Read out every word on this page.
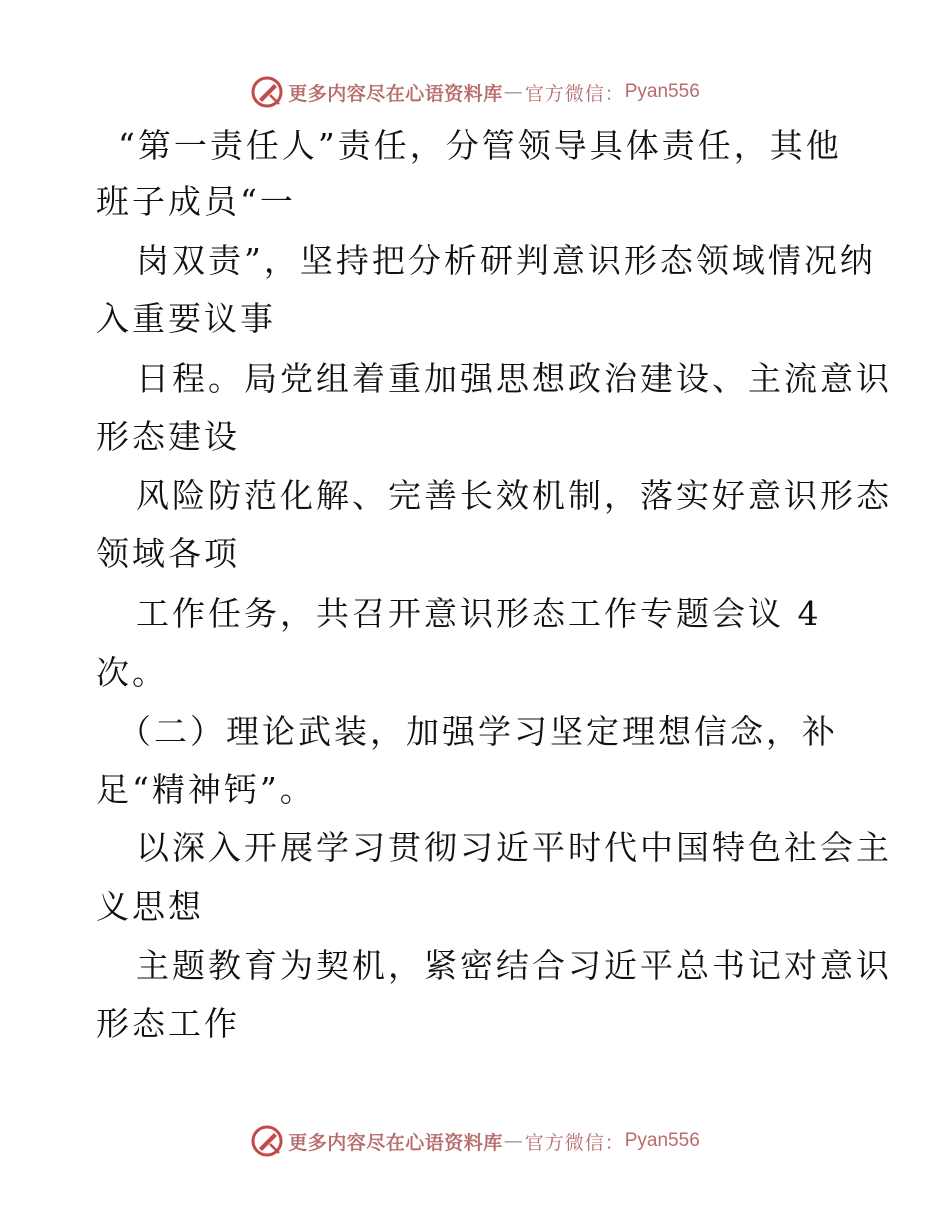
更多内容尽在心语资料库 — 官方微信： Pyan556
“第一责任人”责任，分管领导具体责任，其他
班子成员“一
岗双责”，坚持把分析研判意识形态领域情况纳
入重要议事
日程。局党组着重加强思想政治建设、主流意识
形态建设
风险防范化解、完善长效机制，落实好意识形态
领域各项
工作任务，共召开意识形态工作专题会议 4
次。
（二）理论武装，加强学习坚定理想信念，补
足“精神钙”。
以深入开展学习贯彻习近平时代中国特色社会主
义思想
主题教育为契机，紧密结合习近平总书记对意识
形态工作
更多内容尽在心语资料库 — 官方微信： Pyan556
